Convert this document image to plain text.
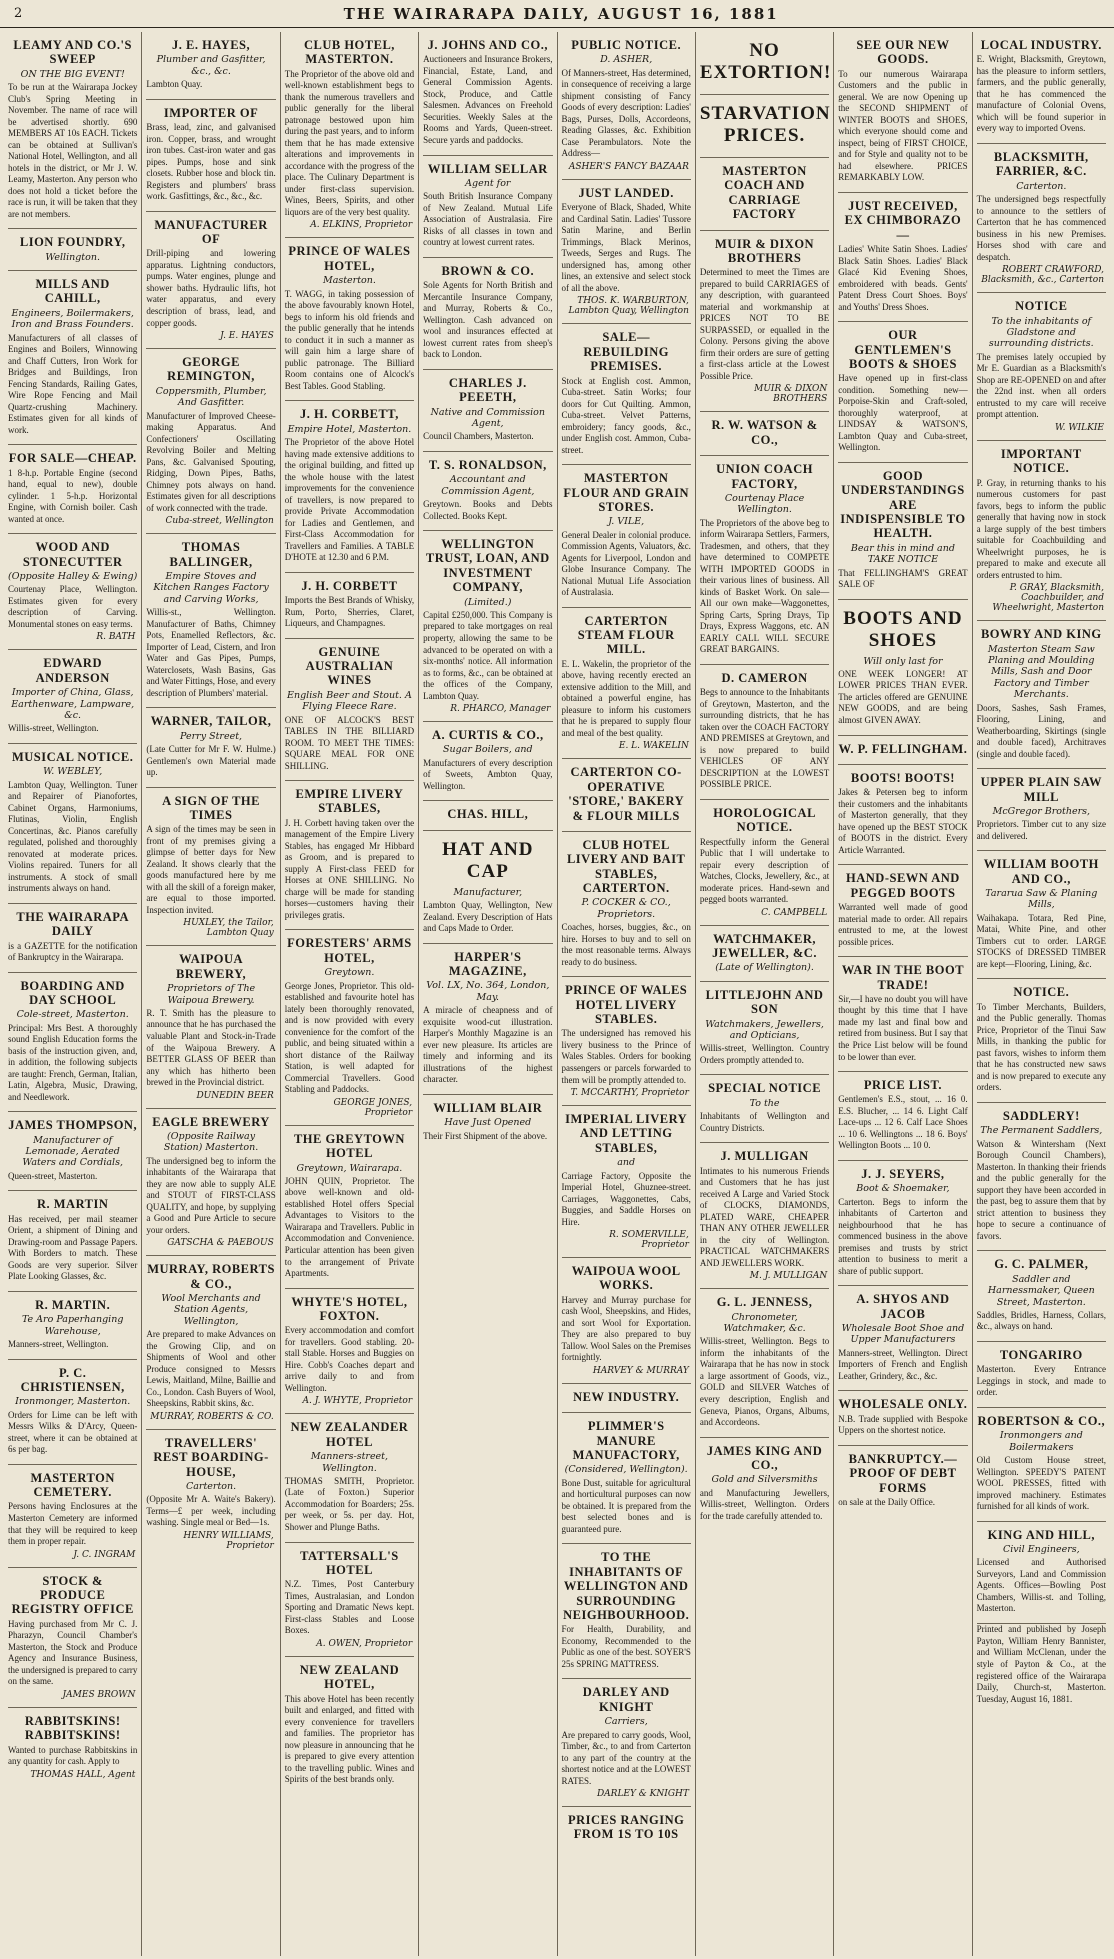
2	THE WAIRARAPA DAILY, AUGUST 16, 1881
LEAMY AND CO.'S SWEEP
ON THE BIG EVENT!
To be run at the Wairarapa Jockey Club's Spring Meeting in November. The name of race will be advertised shortly. 690 MEMBERS AT 10s EACH. Tickets can be obtained at Sullivan's National Hotel, Wellington, and all hotels in the district, or Mr J. W. Leamy, Masterton. Any person who does not hold a ticket before the race is run, it will be taken that they are not members.
LION FOUNDRY,
Wellington.
MILLS AND CAHILL,
Engineers, Boilermakers, Iron and Brass Founders.
Manufacturers of all classes of Engines and Boilers, Winnowing and Chaff Cutters, Iron Work for Bridges and Buildings, Iron Fencing Standards, Railing Gates, Wire Rope Fencing and Mail Quartz-crushing Machinery. Estimates given for all kinds of work.
FOR SALE—CHEAP.
1 8-h.p. Portable Engine (second hand, equal to new), double cylinder. 1 5-h.p. Horizontal Engine, with Cornish boiler. Cash wanted at once.
WOOD AND STONECUTTER
(Opposite Halley & Ewing)
Courtenay Place, Wellington. Estimates given for every description of Carving. Monumental stones on easy terms.
R. BATH
EDWARD ANDERSON
Importer of China, Glass, Earthenware, Lampware, &c.
Willis-street, Wellington.
MUSICAL NOTICE.
W. WEBLEY,
Lambton Quay, Wellington. Tuner and Repairer of Pianofortes, Cabinet Organs, Harmoniums, Flutinas, Violin, English Concertinas, &c. Pianos carefully regulated, polished and thoroughly renovated at moderate prices. Violins repaired. Tuners for all instruments. A stock of small instruments always on hand.
THE WAIRARAPA DAILY
is a GAZETTE for the notification of Bankruptcy in the Wairarapa.
BOARDING AND DAY SCHOOL
Cole-street, Masterton.
Principal: Mrs Best. A thoroughly sound English Education forms the basis of the instruction given, and, in addition, the following subjects are taught: French, German, Italian, Latin, Algebra, Music, Drawing, and Needlework.
JAMES THOMPSON,
Manufacturer of Lemonade, Aerated Waters and Cordials,
Queen-street, Masterton.
R. MARTIN
Has received, per mail steamer Orient, a shipment of Dining and Drawing-room and Passage Papers. With Borders to match. These Goods are very superior. Silver Plate Looking Glasses, &c.
R. MARTIN.
Te Aro Paperhanging Warehouse,
Manners-street, Wellington.
P. C. CHRISTIENSEN,
Ironmonger, Masterton.
Orders for Lime can be left with Messrs Wilks & D'Arcy, Queen-street, where it can be obtained at 6s per bag.
MASTERTON CEMETERY.
Persons having Enclosures at the Masterton Cemetery are informed that they will be required to keep them in proper repair.
J. C. INGRAM
STOCK & PRODUCE REGISTRY OFFICE
Having purchased from Mr C. J. Pharazyn, Council Chamber's Masterton, the Stock and Produce Agency and Insurance Business, the undersigned is prepared to carry on the same.
JAMES BROWN
RABBITSKINS! RABBITSKINS!
Wanted to purchase Rabbitskins in any quantity for cash. Apply to
THOMAS HALL, Agent
J. E. HAYES,
Plumber and Gasfitter, &c., &c.
Lambton Quay.
IMPORTER OF
Brass, lead, zinc, and galvanised iron. Copper, brass, and wrought iron tubes. Cast-iron water and gas pipes. Pumps, hose and sink closets. Rubber hose and block tin. Registers and plumbers' brass work. Gasfittings, &c., &c., &c.
MANUFACTURER OF
Drill-piping and lowering apparatus. Lightning conductors, pumps. Water engines, plunge and shower baths. Hydraulic lifts, hot water apparatus, and every description of brass, lead, and copper goods.
J. E. HAYES
GEORGE REMINGTON,
Coppersmith, Plumber, And Gasfitter.
Manufacturer of Improved Cheese-making Apparatus. And Confectioners' Oscillating Revolving Boiler and Melting Pans, &c. Galvanised Spouting, Ridging, Down Pipes, Baths, Chimney pots always on hand. Estimates given for all descriptions of work connected with the trade.
Cuba-street, Wellington
THOMAS BALLINGER,
Empire Stoves and Kitchen Ranges Factory and Carving Works,
Willis-st., Wellington. Manufacturer of Baths, Chimney Pots, Enamelled Reflectors, &c. Importer of Lead, Cistern, and Iron Water and Gas Pipes, Pumps, Waterclosets, Wash Basins, Gas and Water Fittings, Hose, and every description of Plumbers' material.
WARNER, TAILOR,
Perry Street,
(Late Cutter for Mr F. W. Hulme.) Gentlemen's own Material made up.
A SIGN OF THE TIMES
A sign of the times may be seen in front of my premises giving a glimpse of better days for New Zealand. It shows clearly that the goods manufactured here by me with all the skill of a foreign maker, are equal to those imported. Inspection invited.
HUXLEY, the Tailor, Lambton Quay
WAIPOUA BREWERY,
Proprietors of The Waipoua Brewery.
R. T. Smith has the pleasure to announce that he has purchased the valuable Plant and Stock-in-Trade of the Waipoua Brewery. A BETTER GLASS OF BEER than any which has hitherto been brewed in the Provincial district.
DUNEDIN BEER
EAGLE BREWERY
(Opposite Railway Station) Masterton.
The undersigned beg to inform the inhabitants of the Wairarapa that they are now able to supply ALE and STOUT of FIRST-CLASS QUALITY, and hope, by supplying a Good and Pure Article to secure your orders.
GATSCHA & PAEBOUS
MURRAY, ROBERTS & CO.,
Wool Merchants and Station Agents, Wellington,
Are prepared to make Advances on the Growing Clip, and on Shipments of Wool and other Produce consigned to Messrs Lewis, Maitland, Milne, Baillie and Co., London. Cash Buyers of Wool, Sheepskins, Rabbit skins, &c.
MURRAY, ROBERTS & CO.
TRAVELLERS' REST BOARDING-HOUSE,
Carterton.
(Opposite Mr A. Waite's Bakery). Terms—£ per week, including washing. Single meal or Bed—1s.
HENRY WILLIAMS, Proprietor
CLUB HOTEL, MASTERTON.
The Proprietor of the above old and well-known establishment begs to thank the numerous travellers and public generally for the liberal patronage bestowed upon him during the past years, and to inform them that he has made extensive alterations and improvements in accordance with the progress of the place. The Culinary Department is under first-class supervision. Wines, Beers, Spirits, and other liquors are of the very best quality.
A. ELKINS, Proprietor
PRINCE OF WALES HOTEL,
Masterton.
T. WAGG, in taking possession of the above favourably known Hotel, begs to inform his old friends and the public generally that he intends to conduct it in such a manner as will gain him a large share of public patronage. The Billiard Room contains one of Alcock's Best Tables. Good Stabling.
J. H. CORBETT,
Empire Hotel, Masterton.
The Proprietor of the above Hotel having made extensive additions to the original building, and fitted up the whole house with the latest improvements for the convenience of travellers, is now prepared to provide Private Accommodation for Ladies and Gentlemen, and First-Class Accommodation for Travellers and Families. A TABLE D'HOTE at 12.30 and 6 P.M.
J. H. CORBETT
Imports the Best Brands of Whisky, Rum, Porto, Sherries, Claret, Liqueurs, and Champagnes.
GENUINE AUSTRALIAN WINES
English Beer and Stout. A Flying Fleece Rare.
ONE OF ALCOCK'S BEST TABLES IN THE BILLIARD ROOM. TO MEET THE TIMES: SQUARE MEAL FOR ONE SHILLING.
EMPIRE LIVERY STABLES,
J. H. Corbett having taken over the management of the Empire Livery Stables, has engaged Mr Hibbard as Groom, and is prepared to supply A First-class FEED for Horses at ONE SHILLING. No charge will be made for standing horses—customers having their privileges gratis.
FORESTERS' ARMS HOTEL,
Greytown.
George Jones, Proprietor. This old-established and favourite hotel has lately been thoroughly renovated, and is now provided with every convenience for the comfort of the public, and being situated within a short distance of the Railway Station, is well adapted for Commercial Travellers. Good Stabling and Paddocks.
GEORGE JONES, Proprietor
THE GREYTOWN HOTEL
Greytown, Wairarapa.
JOHN QUIN, Proprietor. The above well-known and old-established Hotel offers Special Advantages to Visitors to the Wairarapa and Travellers. Public in Accommodation and Convenience. Particular attention has been given to the arrangement of Private Apartments.
WHYTE'S HOTEL, FOXTON.
Every accommodation and comfort for travellers. Good stabling. 20-stall Stable. Horses and Buggies on Hire. Cobb's Coaches depart and arrive daily to and from Wellington.
A. J. WHYTE, Proprietor
NEW ZEALANDER HOTEL
Manners-street, Wellington.
THOMAS SMITH, Proprietor. (Late of Foxton.) Superior Accommodation for Boarders; 25s. per week, or 5s. per day. Hot, Shower and Plunge Baths.
TATTERSALL'S HOTEL
N.Z. Times, Post Canterbury Times, Australasian, and London Sporting and Dramatic News kept. First-class Stables and Loose Boxes.
A. OWEN, Proprietor
NEW ZEALAND HOTEL,
This above Hotel has been recently built and enlarged, and fitted with every convenience for travellers and families. The proprietor has now pleasure in announcing that he is prepared to give every attention to the travelling public. Wines and Spirits of the best brands only.
J. JOHNS AND CO.,
Auctioneers and Insurance Brokers, Financial, Estate, Land, and General Commission Agents. Stock, Produce, and Cattle Salesmen. Advances on Freehold Securities. Weekly Sales at the Rooms and Yards, Queen-street. Secure yards and paddocks.
WILLIAM SELLAR
Agent for
South British Insurance Company of New Zealand. Mutual Life Association of Australasia. Fire Risks of all classes in town and country at lowest current rates.
BROWN & CO.
Sole Agents for North British and Mercantile Insurance Company, and Murray, Roberts & Co., Wellington. Cash advanced on wool and insurances effected at lowest current rates from sheep's back to London.
CHARLES J. PEEETH,
Native and Commission Agent,
Council Chambers, Masterton.
T. S. RONALDSON,
Accountant and Commission Agent,
Greytown. Books and Debts Collected. Books Kept.
WELLINGTON TRUST, LOAN, AND INVESTMENT COMPANY,
(Limited.)
Capital £250,000. This Company is prepared to take mortgages on real property, allowing the same to be advanced to be operated on with a six-months' notice. All information as to forms, &c., can be obtained at the offices of the Company, Lambton Quay.
R. PHARCO, Manager
A. CURTIS & CO.,
Sugar Boilers, and
Manufacturers of every description of Sweets, Ambton Quay, Wellington.
CHAS. HILL,
HAT AND CAP
Manufacturer,
Lambton Quay, Wellington, New Zealand. Every Description of Hats and Caps Made to Order.
HARPER'S MAGAZINE,
Vol. LX, No. 364, London, May.
A miracle of cheapness and of exquisite wood-cut illustration. Harper's Monthly Magazine is an ever new pleasure. Its articles are timely and informing and its illustrations of the highest character.
WILLIAM BLAIR
Have Just Opened
Their First Shipment of the above.
PUBLIC NOTICE.
D. ASHER,
Of Manners-street, Has determined, in consequence of receiving a large shipment consisting of Fancy Goods of every description: Ladies' Bags, Purses, Dolls, Accordeons, Reading Glasses, &c. Exhibition Case Perambulators. Note the Address—
ASHER'S FANCY BAZAAR
JUST LANDED.
Everyone of Black, Shaded, White and Cardinal Satin. Ladies' Tussore Satin Marine, and Berlin Trimmings, Black Merinos, Tweeds, Serges and Rugs. The undersigned has, among other lines, an extensive and select stock of all the above.
THOS. K. WARBURTON, Lambton Quay, Wellington
SALE—REBUILDING PREMISES.
Stock at English cost. Ammon, Cuba-street. Satin Works; four doors for Cut Quilting. Ammon, Cuba-street. Velvet Patterns, embroidery; fancy goods, &c., under English cost. Ammon, Cuba-street.
MASTERTON FLOUR AND GRAIN STORES.
J. VILE,
General Dealer in colonial produce. Commission Agents, Valuators, &c. Agents for Liverpool, London and Globe Insurance Company. The National Mutual Life Association of Australasia.
CARTERTON STEAM FLOUR MILL.
E. L. Wakelin, the proprietor of the above, having recently erected an extensive addition to the Mill, and obtained a powerful engine, has pleasure to inform his customers that he is prepared to supply flour and meal of the best quality.
E. L. WAKELIN
CARTERTON CO-OPERATIVE 'STORE,' BAKERY & FLOUR MILLS
CLUB HOTEL LIVERY AND BAIT STABLES, CARTERTON.
P. COCKER & CO., Proprietors.
Coaches, horses, buggies, &c., on hire. Horses to buy and to sell on the most reasonable terms. Always ready to do business.
PRINCE OF WALES HOTEL LIVERY STABLES.
The undersigned has removed his livery business to the Prince of Wales Stables. Orders for booking passengers or parcels forwarded to them will be promptly attended to.
T. MCCARTHY, Proprietor
IMPERIAL LIVERY AND LETTING STABLES,
and
Carriage Factory, Opposite the Imperial Hotel, Ghuznee-street. Carriages, Waggonettes, Cabs, Buggies, and Saddle Horses on Hire.
R. SOMERVILLE, Proprietor
WAIPOUA WOOL WORKS.
Harvey and Murray purchase for cash Wool, Sheepskins, and Hides, and sort Wool for Exportation. They are also prepared to buy Tallow. Wool Sales on the Premises fortnightly.
HARVEY & MURRAY
NEW INDUSTRY.
PLIMMER'S MANURE MANUFACTORY,
(Considered, Wellington).
Bone Dust, suitable for agricultural and horticultural purposes can now be obtained. It is prepared from the best selected bones and is guaranteed pure.
TO THE INHABITANTS OF WELLINGTON AND SURROUNDING NEIGHBOURHOOD.
For Health, Durability, and Economy, Recommended to the Public as one of the best. SOYER'S 25s SPRING MATTRESS.
DARLEY AND KNIGHT
Carriers,
Are prepared to carry goods, Wool, Timber, &c., to and from Carterton to any part of the country at the shortest notice and at the LOWEST RATES.
DARLEY & KNIGHT
PRICES RANGING FROM 1S TO 10S
NO EXTORTION!
STARVATION PRICES.
MASTERTON COACH AND CARRIAGE FACTORY
MUIR & DIXON BROTHERS
Determined to meet the Times are prepared to build CARRIAGES of any description, with guaranteed material and workmanship at PRICES NOT TO BE SURPASSED, or equalled in the Colony. Persons giving the above firm their orders are sure of getting a first-class article at the Lowest Possible Price.
MUIR & DIXON BROTHERS
R. W. WATSON & CO.,
UNION COACH FACTORY,
Courtenay Place Wellington.
The Proprietors of the above beg to inform Wairarapa Settlers, Farmers, Tradesmen, and others, that they have determined to COMPETE WITH IMPORTED GOODS in their various lines of business. All kinds of Basket Work. On sale—All our own make—Waggonettes, Spring Carts, Spring Drays, Tip Drays, Express Waggons, etc. AN EARLY CALL WILL SECURE GREAT BARGAINS.
D. CAMERON
Begs to announce to the Inhabitants of Greytown, Masterton, and the surrounding districts, that he has taken over the COACH FACTORY AND PREMISES at Greytown, and is now prepared to build VEHICLES OF ANY DESCRIPTION at the LOWEST POSSIBLE PRICE.
HOROLOGICAL NOTICE.
Respectfully inform the General Public that I will undertake to repair every description of Watches, Clocks, Jewellery, &c., at moderate prices. Hand-sewn and pegged boots warranted.
C. CAMPBELL
WATCHMAKER, JEWELLER, &C.
(Late of Wellington).
LITTLEJOHN AND SON
Watchmakers, Jewellers, and Opticians,
Willis-street, Wellington. Country Orders promptly attended to.
SPECIAL NOTICE
To the
Inhabitants of Wellington and Country Districts.
J. MULLIGAN
Intimates to his numerous Friends and Customers that he has just received A Large and Varied Stock of CLOCKS, DIAMONDS, PLATED WARE, CHEAPER THAN ANY OTHER JEWELLER in the city of Wellington. PRACTICAL WATCHMAKERS AND JEWELLERS WORK.
M. J. MULLIGAN
G. L. JENNESS,
Chronometer, Watchmaker, &c.
Willis-street, Wellington. Begs to inform the inhabitants of the Wairarapa that he has now in stock a large assortment of Goods, viz., GOLD and SILVER Watches of every description, English and Geneva, Pianos, Organs, Albums, and Accordeons.
JAMES KING AND CO.,
Gold and Silversmiths
and Manufacturing Jewellers, Willis-street, Wellington. Orders for the trade carefully attended to.
SEE OUR NEW GOODS.
To our numerous Wairarapa Customers and the public in general. We are now Opening up the SECOND SHIPMENT of WINTER BOOTS and SHOES, which everyone should come and inspect, being of FIRST CHOICE, and for Style and quality not to be had elsewhere. PRICES REMARKABLY LOW.
JUST RECEIVED, EX CHIMBORAZO—
Ladies' White Satin Shoes. Ladies' Black Satin Shoes. Ladies' Black Glacé Kid Evening Shoes, embroidered with beads. Gents' Patent Dress Court Shoes. Boys' and Youths' Dress Shoes.
OUR GENTLEMEN'S BOOTS & SHOES
Have opened up in first-class condition. Something new—Porpoise-Skin and Craft-soled, thoroughly waterproof, at LINDSAY & WATSON'S, Lambton Quay and Cuba-street, Wellington.
GOOD UNDERSTANDINGS ARE INDISPENSIBLE TO HEALTH.
Bear this in mind and TAKE NOTICE
That FELLINGHAM'S GREAT SALE OF
BOOTS AND SHOES
Will only last for
ONE WEEK LONGER! AT LOWER PRICES THAN EVER. The articles offered are GENUINE NEW GOODS, and are being almost GIVEN AWAY.
W. P. FELLINGHAM.
BOOTS! BOOTS!
Jakes & Petersen beg to inform their customers and the inhabitants of Masterton generally, that they have opened up the BEST STOCK of BOOTS in the district. Every Article Warranted.
HAND-SEWN AND PEGGED BOOTS
Warranted well made of good material made to order. All repairs entrusted to me, at the lowest possible prices.
WAR IN THE BOOT TRADE!
Sir,—I have no doubt you will have thought by this time that I have made my last and final bow and retired from business. But I say that the Price List below will be found to be lower than ever.
PRICE LIST.
Gentlemen's E.S., stout, ... 16 0. E.S. Blucher, ... 14 6. Light Calf Lace-ups ... 12 6. Calf Lace Shoes ... 10 6. Wellingtons ... 18 6. Boys' Wellington Boots ... 10 0.
J. J. SEYERS,
Boot & Shoemaker,
Carterton. Begs to inform the inhabitants of Carterton and neighbourhood that he has commenced business in the above premises and trusts by strict attention to business to merit a share of public support.
A. SHYOS AND JACOB
Wholesale Boot Shoe and Upper Manufacturers
Manners-street, Wellington. Direct Importers of French and English Leather, Grindery, &c., &c.
WHOLESALE ONLY.
N.B. Trade supplied with Bespoke Uppers on the shortest notice.
BANKRUPTCY.—PROOF OF DEBT FORMS
on sale at the Daily Office.
LOCAL INDUSTRY.
E. Wright, Blacksmith, Greytown, has the pleasure to inform settlers, farmers, and the public generally, that he has commenced the manufacture of Colonial Ovens, which will be found superior in every way to imported Ovens.
BLACKSMITH, FARRIER, &C.
Carterton.
The undersigned begs respectfully to announce to the settlers of Carterton that he has commenced business in his new Premises. Horses shod with care and despatch.
ROBERT CRAWFORD, Blacksmith, &c., Carterton
NOTICE
To the inhabitants of Gladstone and surrounding districts.
The premises lately occupied by Mr E. Guardian as a Blacksmith's Shop are RE-OPENED on and after the 22nd inst. when all orders entrusted to my care will receive prompt attention.
W. WILKIE
IMPORTANT NOTICE.
P. Gray, in returning thanks to his numerous customers for past favors, begs to inform the public generally that having now in stock a large supply of the best timbers suitable for Coachbuilding and Wheelwright purposes, he is prepared to make and execute all orders entrusted to him.
P. GRAY, Blacksmith, Coachbuilder, and Wheelwright, Masterton
BOWRY AND KING
Masterton Steam Saw Planing and Moulding Mills, Sash and Door Factory and Timber Merchants.
Doors, Sashes, Sash Frames, Flooring, Lining, and Weatherboarding, Skirtings (single and double faced), Architraves (single and double faced).
UPPER PLAIN SAW MILL
McGregor Brothers,
Proprietors. Timber cut to any size and delivered.
WILLIAM BOOTH AND CO.,
Tararua Saw & Planing Mills,
Waihakapa. Totara, Red Pine, Matai, White Pine, and other Timbers cut to order. LARGE STOCKS of DRESSED TIMBER are kept—Flooring, Lining, &c.
NOTICE.
To Timber Merchants, Builders, and the Public generally. Thomas Price, Proprietor of the Tinui Saw Mills, in thanking the public for past favors, wishes to inform them that he has constructed new saws and is now prepared to execute any orders.
SADDLERY!
The Permanent Saddlers,
Watson & Wintersham (Next Borough Council Chambers), Masterton. In thanking their friends and the public generally for the support they have been accorded in the past, beg to assure them that by strict attention to business they hope to secure a continuance of favors.
G. C. PALMER,
Saddler and Harnessmaker, Queen Street, Masterton.
Saddles, Bridles, Harness, Collars, &c., always on hand.
TONGARIRO
Masterton. Every Entrance Leggings in stock, and made to order.
ROBERTSON & CO.,
Ironmongers and Boilermakers
Old Custom House street, Wellington. SPEEDY'S PATENT WOOL PRESSES, fitted with improved machinery. Estimates furnished for all kinds of work.
KING AND HILL,
Civil Engineers,
Licensed and Authorised Surveyors, Land and Commission Agents. Offices—Bowling Post Chambers, Willis-st. and Tolling, Masterton.
Printed and published by Joseph Payton, William Henry Bannister, and William McClenan, under the style of Payton & Co., at the registered office of the Wairarapa Daily, Church-st, Masterton. Tuesday, August 16, 1881.
